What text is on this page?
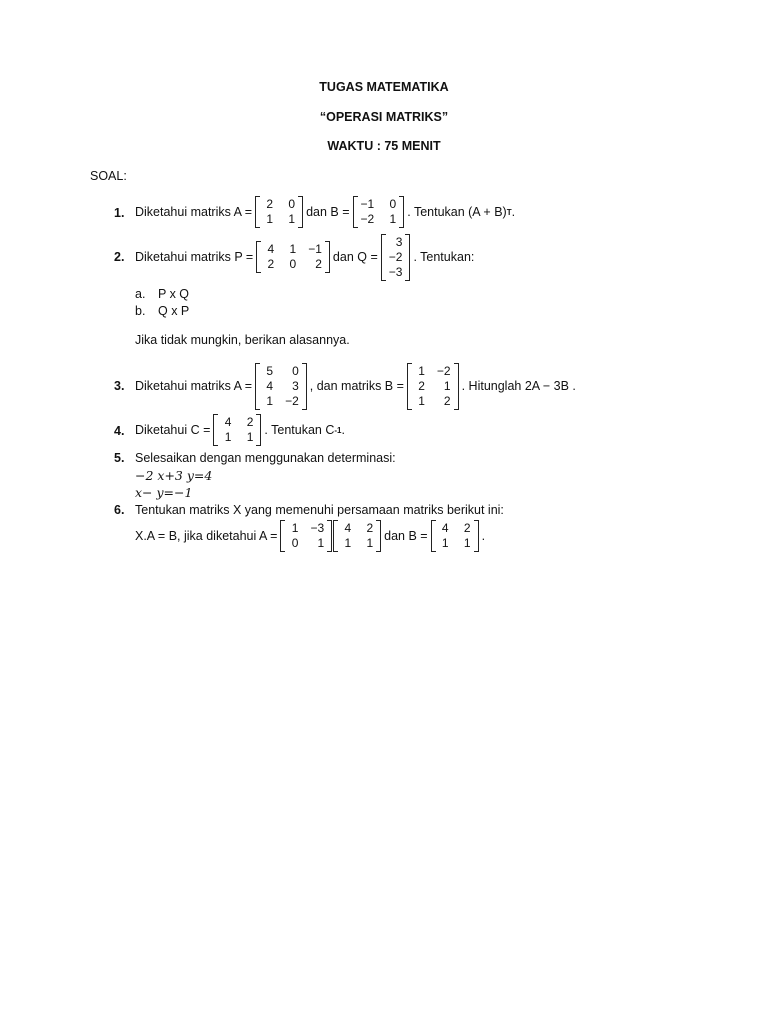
TUGAS MATEMATIKA
“OPERASI MATRIKS”
WAKTU : 75 MENIT
SOAL:
1. Diketahui matriks A =
2 0
1 1 dan B =
−1 0
−2 1 . Tentukan (A + B) T .
2. Diketahui matriks P =
4 1 −1
2 0	2 dan Q =
3
−2
−3
. Tentukan:
a. P x Q
b. Q x P
Jika tidak mungkin, berikan alasannya.
3. Diketahui matriks A =
5	0
4	3
1 −2
, dan matriks B =
1 −2
2	1
1	2
. Hitunglah 2A − 3B .
4. Diketahui C =
4 2
1 1 . Tentukan C -1 .
5. Selesaikan dengan menggunakan determinasi:
−2 x+3 y=4
x− y=−1
6. Tentukan matriks X yang memenuhi persamaan matriks berikut ini:
X.A = B, jika diketahui A =
1 −3
0	1
4 2
1 1 dan B =
4 2
1 1 .
